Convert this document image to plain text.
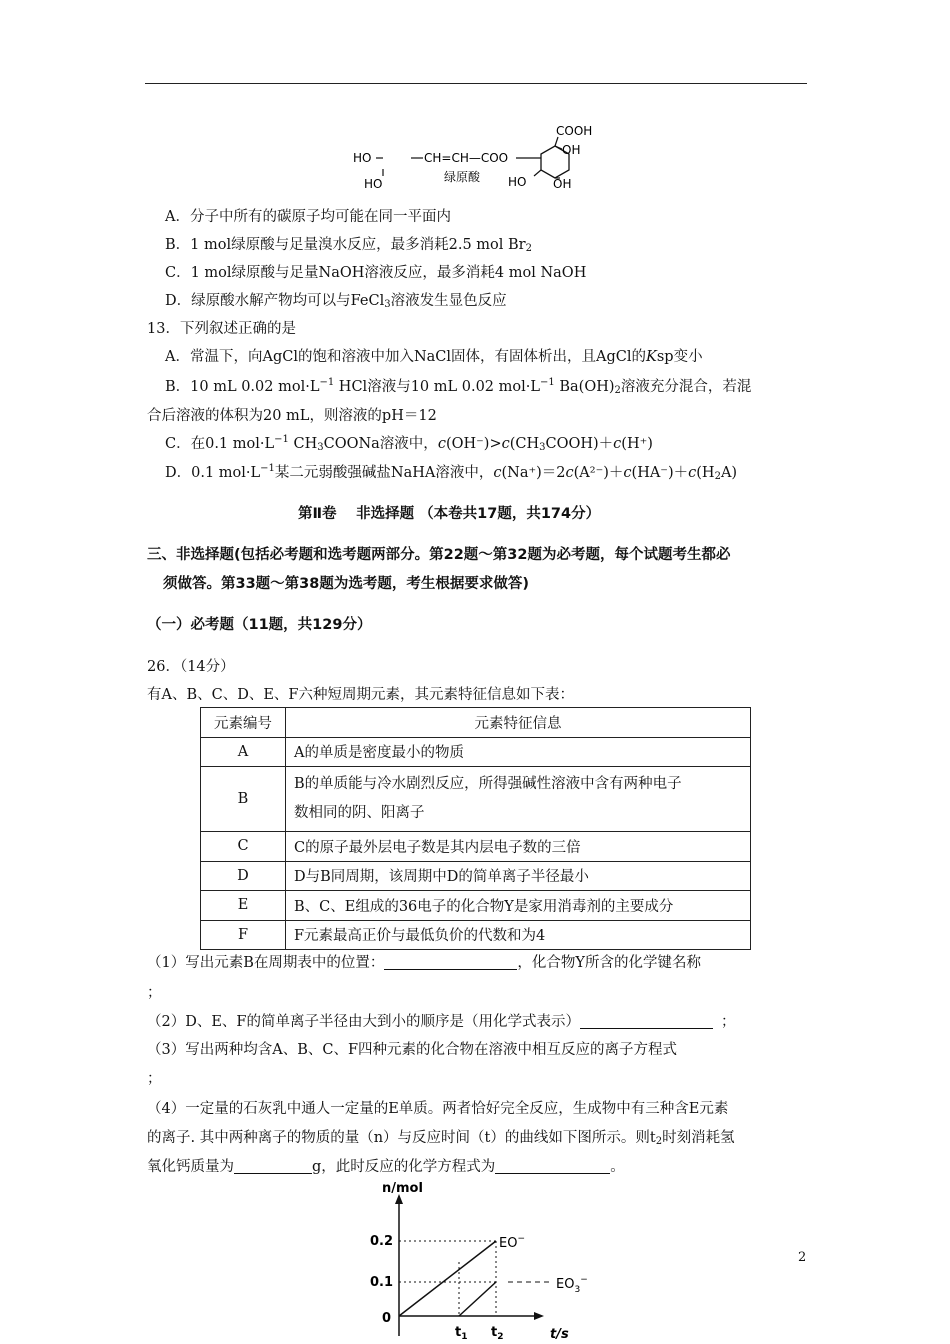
HO
HO
CH=CH—COO
绿原酸
COOH
OH
HO OH
A．分子中所有的碳原子均可能在同一平面内
B．1 mol绿原酸与足量溴水反应，最多消耗2.5 mol $Br_2$
C．1 mol绿原酸与足量NaOH溶液反应，最多消耗4 mol NaOH
D．绿原酸水解产物均可以与FeCl$_3$溶液发生显色反应
13．下列叙述正确的是
A．常温下，向AgCl的饱和溶液中加入NaCl固体，有固体析出，且AgCl的Ksp变小
B．10 mL 0.02 $mol\cdot L^{-1}$ HCl溶液与10 mL 0.02 $mol\cdot L^{-1}$ $Ba(OH)_2$溶液充分混合，若混
合后溶液的体积为20 mL，则溶液的pH＝12
C．在0.1 $mol\cdot L^{-1}$ $CH_3COONa$溶液中，$c(OH^-)>c(CH_3COOH)+c(H^+)$
D．0.1 $mol\cdot L^{-1}$某二元弱酸强碱盐NaHA溶液中，$c(Na^+)=2c(A^{2-})+c(HA^-)+c(H_2A)$
第Ⅱ卷　 非选择题 （本卷共17题，共174分）
三、非选择题(包括必考题和选考题两部分。第22题～第32题为必考题，每个试题考生都必
须做答。第33题～第38题为选考题，考生根据要求做答)
（一）必考题（11题，共129分）
26．（14分）
有A、B、C、D、E、F六种短周期元素，其元素特征信息如下表：
元素编号	元素特征信息
A	A的单质是密度最小的物质
B	B的单质能与冷水剧烈反应，所得强碱性溶液中含有两种电子
数相同的阴、阳离子
C	C的原子最外层电子数是其内层电子数的三倍
D	D与B同周期，该周期中D的简单离子半径最小
E	B、C、E组成的36电子的化合物Y是家用消毒剂的主要成分
F	F元素最高正价与最低负价的代数和为4
（1）写出元素B在周期表中的位置：	，化合物Y所含的化学键名称
；
（2）D、E、F的简单离子半径由大到小的顺序是（用化学式表示）	；
（3）写出两种均含A、B、C、F四种元素的化合物在溶液中相互反应的离子方程式
；
（4）一定量的石灰乳中通人一定量的E单质。两者恰好完全反应，生成物中有三种含E元素
的离子. 其中两种离子的物质的量（n）与反应时间（t）的曲线如下图所示。则$t_2$时刻消耗氢
氧化钙质量为	g，此时反应的化学方程式为	。
n/mol
t/s
0
0.2
0.1
EO−
$EO_3^-$
$t_1$ $t_2$
2
